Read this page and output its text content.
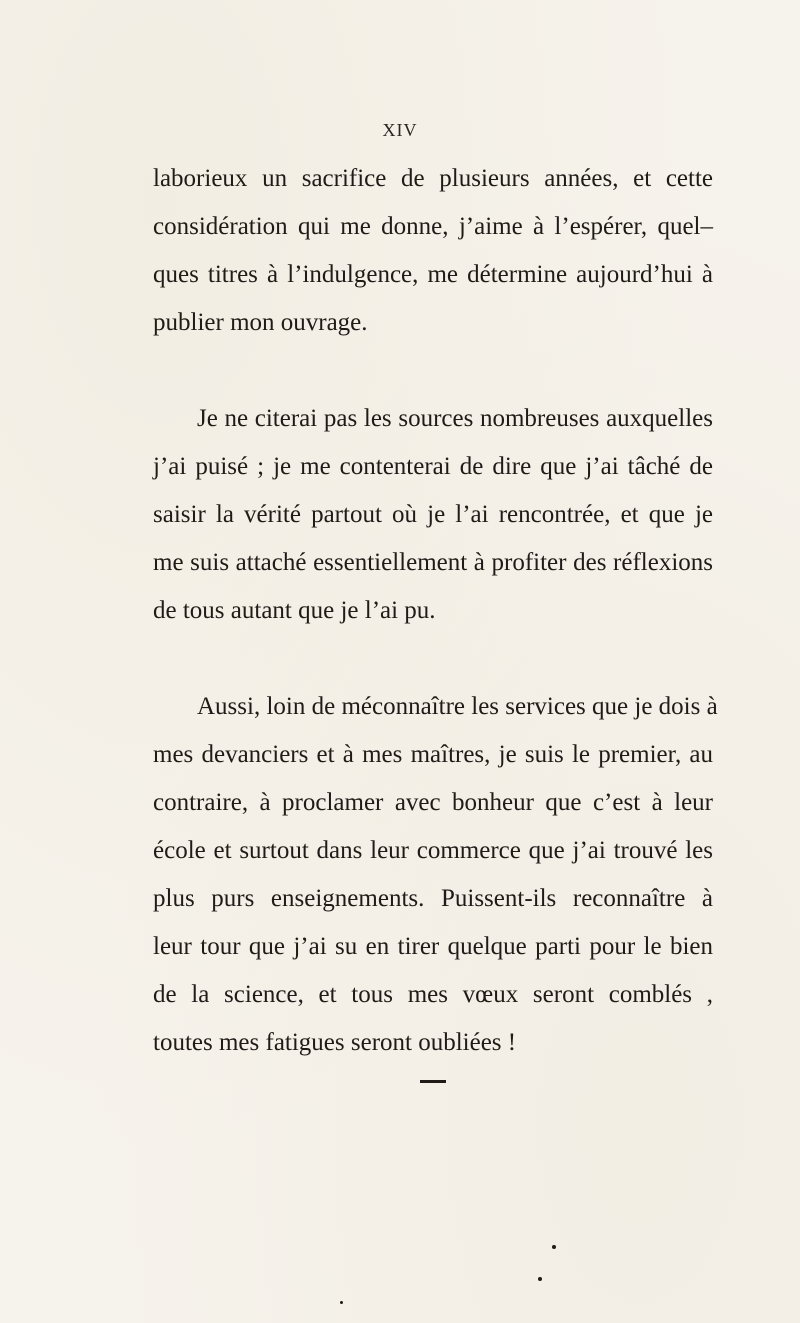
XIV

laborieux un sacrifice de plusieurs années, et cette

considération qui me donne, j’aime à l’espérer, quel–

ques titres à l’indulgence, me détermine aujourd’hui à

publier mon ouvrage.

Je ne citerai pas les sources nombreuses auxquelles

j’ai puisé ; je me contenterai de dire que j’ai tâché de

saisir la vérité partout où je l’ai rencontrée, et que je

me suis attaché essentiellement à profiter des réflexions

de tous autant que je l’ai pu.

Aussi, loin de méconnaître les services que je dois à

mes devanciers et à mes maîtres, je suis le premier, au

contraire, à proclamer avec bonheur que c’est à leur

école et surtout dans leur commerce que j’ai trouvé les

plus purs enseignements. Puissent-ils reconnaître à

leur tour que j’ai su en tirer quelque parti pour le bien

de la science, et tous mes vœux seront comblés ,

toutes mes fatigues seront oubliées !
